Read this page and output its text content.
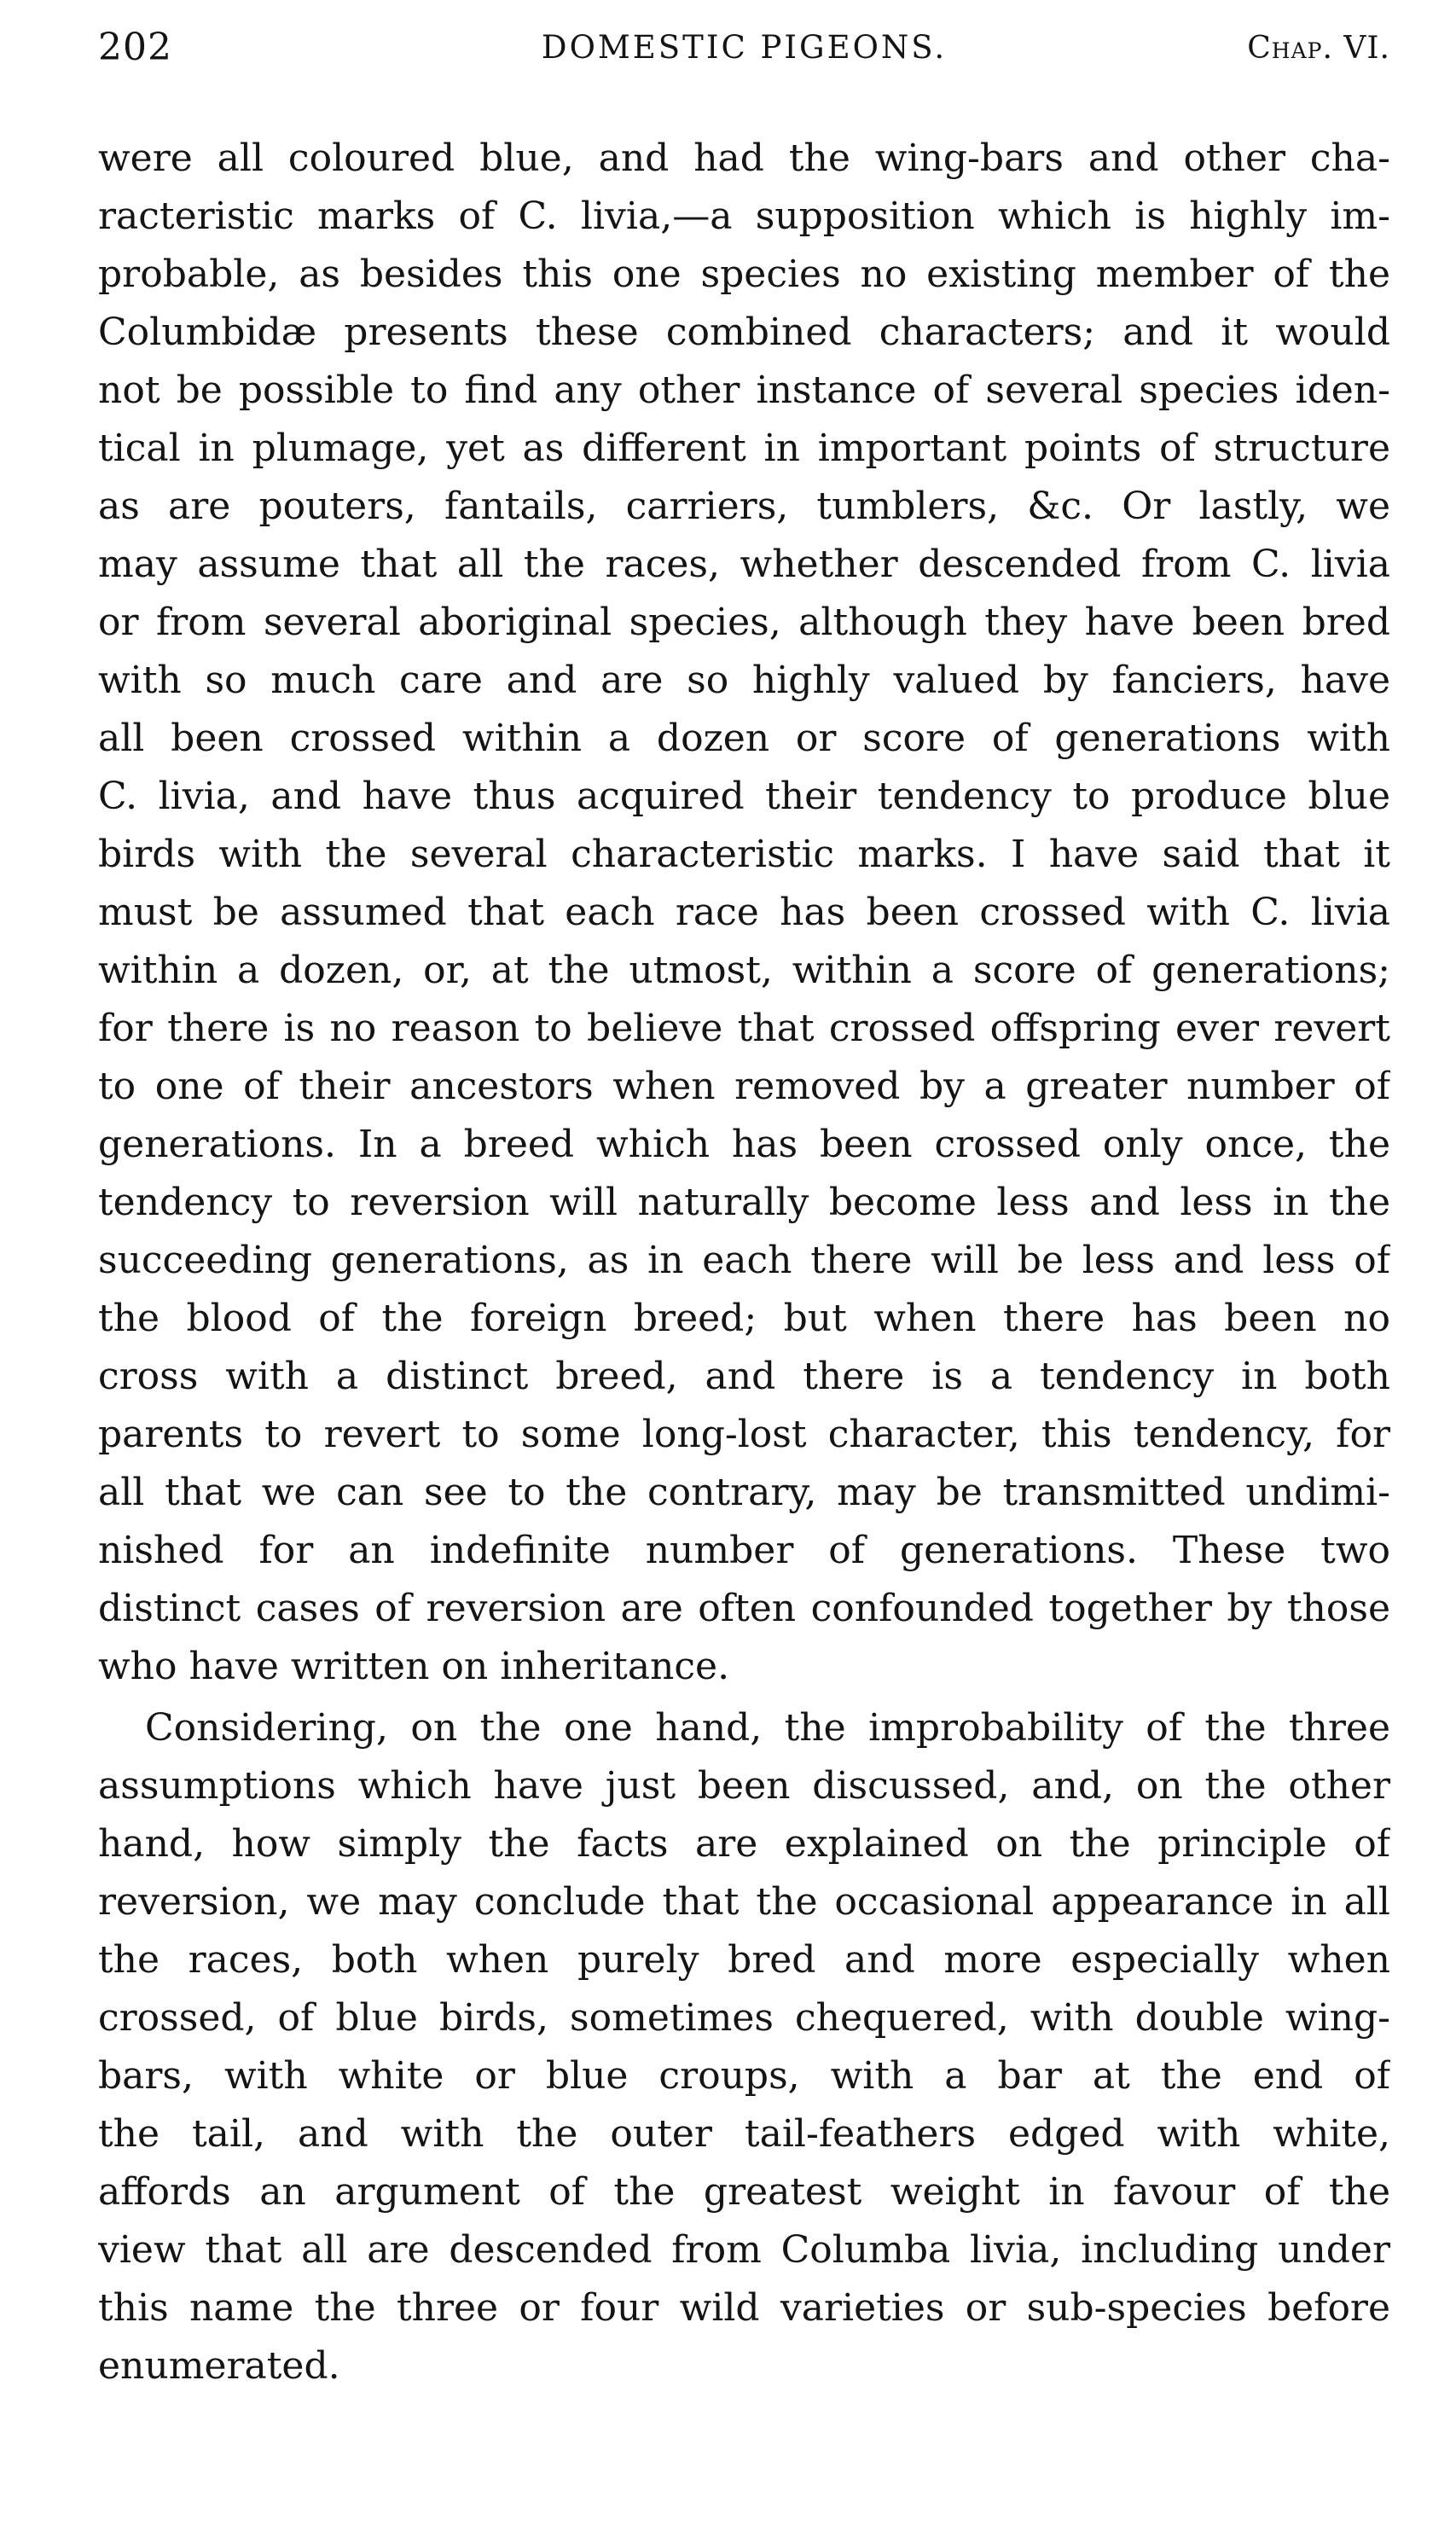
202	DOMESTIC PIGEONS.	Chap. VI.
were all coloured blue, and had the wing-bars and other cha-
racteristic marks of C. livia,—a supposition which is highly im-
probable, as besides this one species no existing member of the
Columbidæ presents these combined characters; and it would
not be possible to find any other instance of several species iden-
tical in plumage, yet as different in important points of structure
as are pouters, fantails, carriers, tumblers, &c. Or lastly, we
may assume that all the races, whether descended from C. livia
or from several aboriginal species, although they have been bred
with so much care and are so highly valued by fanciers, have
all been crossed within a dozen or score of generations with
C. livia, and have thus acquired their tendency to produce blue
birds with the several characteristic marks. I have said that it
must be assumed that each race has been crossed with C. livia
within a dozen, or, at the utmost, within a score of generations;
for there is no reason to believe that crossed offspring ever revert
to one of their ancestors when removed by a greater number of
generations. In a breed which has been crossed only once, the
tendency to reversion will naturally become less and less in the
succeeding generations, as in each there will be less and less of
the blood of the foreign breed; but when there has been no
cross with a distinct breed, and there is a tendency in both
parents to revert to some long-lost character, this tendency, for
all that we can see to the contrary, may be transmitted undimi-
nished for an indefinite number of generations. These two
distinct cases of reversion are often confounded together by those
who have written on inheritance.
Considering, on the one hand, the improbability of the three
assumptions which have just been discussed, and, on the other
hand, how simply the facts are explained on the principle of
reversion, we may conclude that the occasional appearance in all
the races, both when purely bred and more especially when
crossed, of blue birds, sometimes chequered, with double wing-
bars, with white or blue croups, with a bar at the end of
the tail, and with the outer tail-feathers edged with white,
affords an argument of the greatest weight in favour of the
view that all are descended from Columba livia, including under
this name the three or four wild varieties or sub-species before
enumerated.
